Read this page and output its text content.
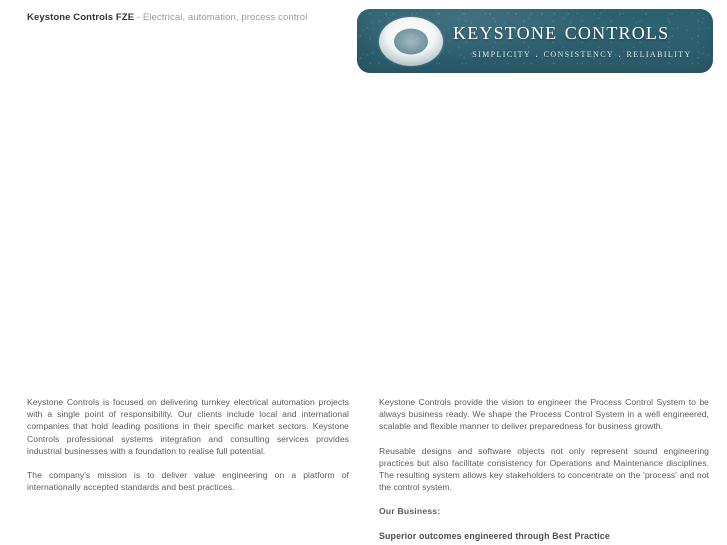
Keystone Controls FZE - Electrical, automation, process control
keystone controls
simplicity . consistency . reliability

Keystone Controls is focused on delivering turnkey electrical automation projects with a single point of responsibility. Our clients include local and international companies that hold leading positions in their specific market sectors. Keystone Controls professional systems integration and consulting services provides industrial businesses with a foundation to realise full potential.

The company's mission is to deliver value engineering on a platform of internationally accepted standards and best practices.

Keystone Controls provide the vision to engineer the Process Control System to be always business ready. We shape the Process Control System in a well engineered, scalable and flexible manner to deliver preparedness for business growth.

Reusable designs and software objects not only represent sound engineering practices but also facilitate consistency for Operations and Maintenance disciplines. The resulting system allows key stakeholders to concentrate on the 'process' and not the control system.

Our Business:

Superior outcomes engineered through Best Practice
